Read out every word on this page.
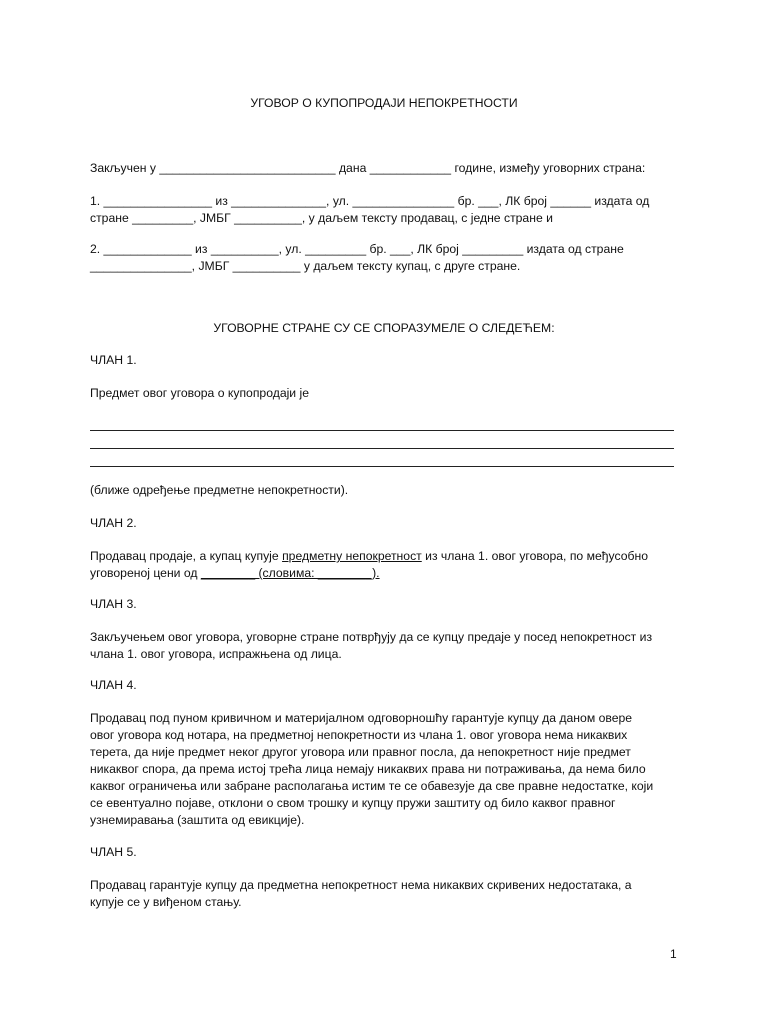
УГОВОР О КУПОПРОДАЈИ НЕПОКРЕТНОСТИ
Закључен у __________________________ дана ____________ године, између уговорних страна:
1. ________________ из ______________, ул. _______________ бр. ___, ЛК број ______ издата од
стране _________, ЈМБГ __________, у даљем тексту продавац, с једне стране и
2. _____________ из __________, ул. _________ бр. ___, ЛК број _________ издата од стране
_______________, ЈМБГ __________ у даљем тексту купац, с друге стране.
УГОВОРНЕ СТРАНЕ СУ СЕ СПОРАЗУМЕЛЕ О СЛЕДЕЋЕМ:
ЧЛАН 1.
Предмет овог уговора о купопродаји је
(ближе одређење предметне непокретности).
ЧЛАН 2.
Продавац продаје, а купац купује предметну непокретност из члана 1. овог уговора, по међусобно
уговореној цени од ________ (словима: ________).
ЧЛАН 3.
Закључењем овог уговора, уговорне стране потврђују да се купцу предаје у посед непокретност из
члана 1. овог уговора, испражњена од лица.
ЧЛАН 4.
Продавац под пуном кривичном и материјалном одговорношћу гарантује купцу да даном овере
овог уговора код нотара, на предметној непокретности из члана 1. овог уговора нема никаквих
терета, да није предмет неког другог уговора или правног посла, да непокретност није предмет
никаквог спора, да према истој трећа лица немају никаквих права ни потраживања, да нема било
каквог ограничења или забране располагања истим те се обавезује да све правне недостатке, који
се евентуално појаве, отклони о свом трошку и купцу пружи заштиту од било каквог правног
узнемиравања (заштита од евикције).
ЧЛАН 5.
Продавац гарантује купцу да предметна непокретност нема никаквих скривених недостатака, а
купује се у виђеном стању.
1
